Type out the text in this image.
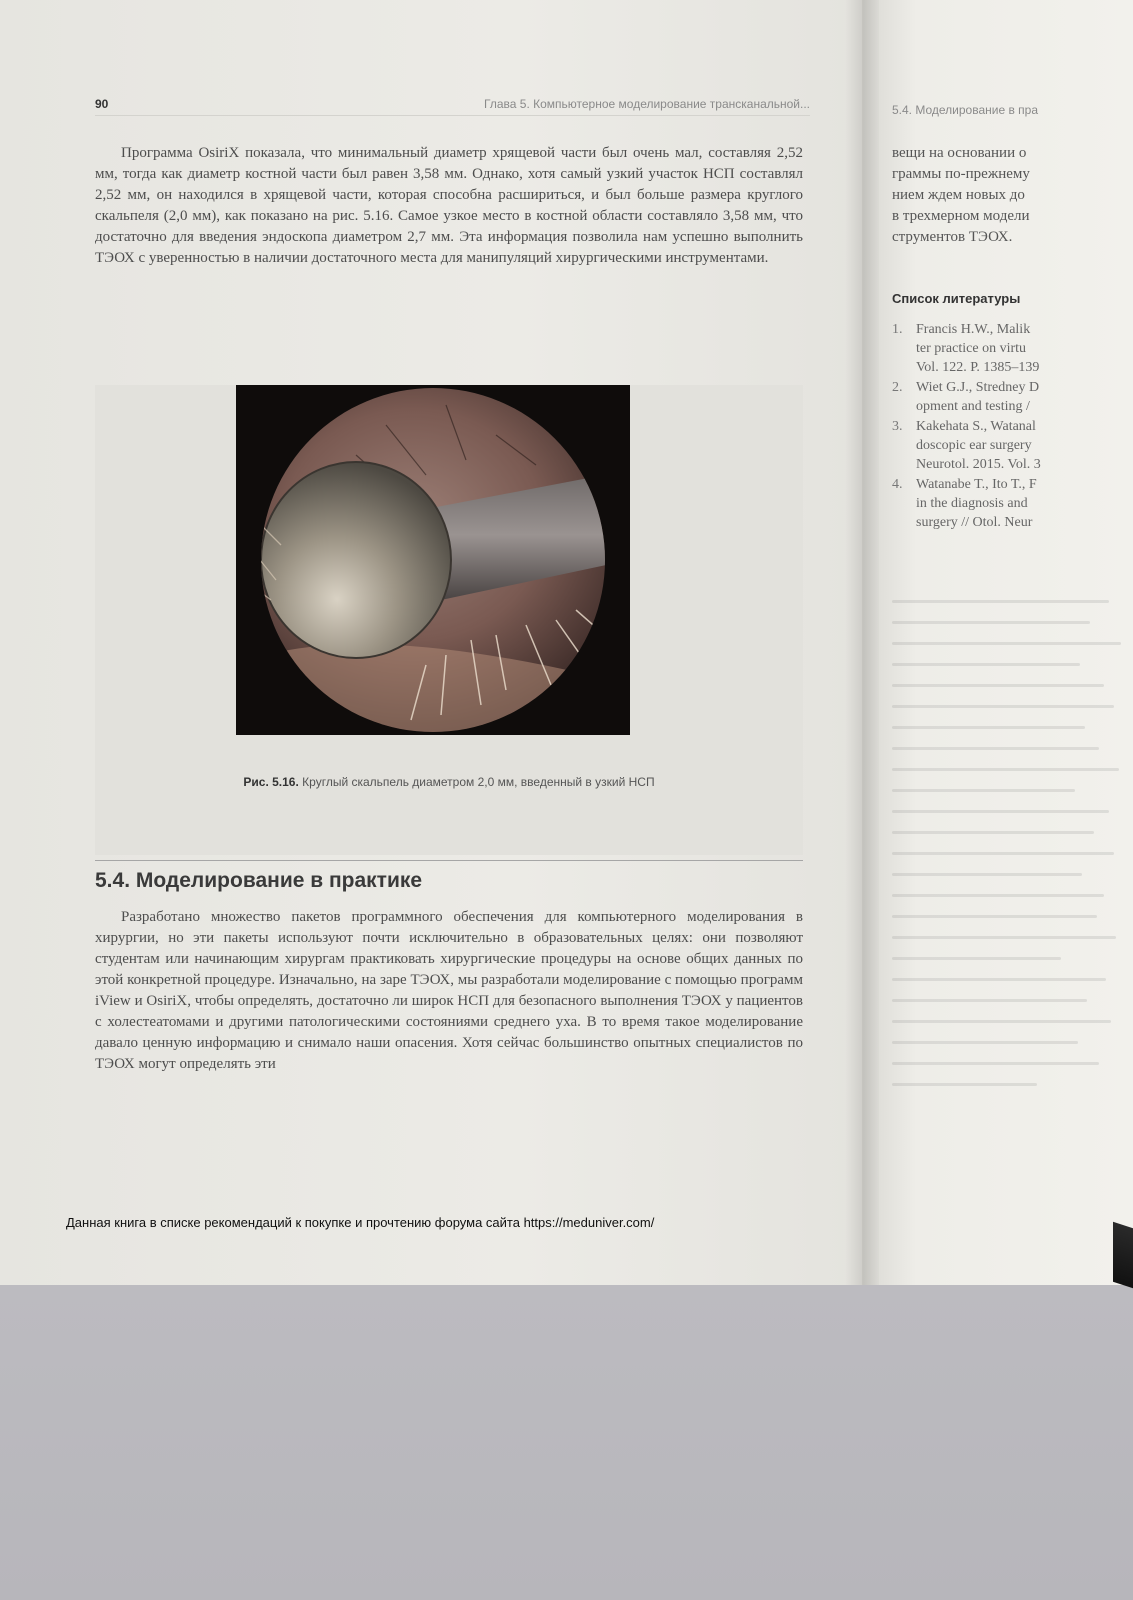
90	Глава 5. Компьютерное моделирование трансканальной...

Программа OsiriX показала, что минимальный диаметр хрящевой части был очень мал, составляя 2,52 мм, тогда как диаметр костной части был равен 3,58 мм. Однако, хотя самый узкий участок НСП составлял 2,52 мм, он находился в хрящевой части, которая способна расшириться, и был больше размера круглого скальпеля (2,0 мм), как показано на рис. 5.16. Самое узкое место в костной области составляло 3,58 мм, что достаточно для введения эндоскопа диаметром 2,7 мм. Эта информация позволила нам успешно выполнить ТЭОХ с уверенностью в наличии достаточного места для манипуляций хирургическими инструментами.

Рис. 5.16. Круглый скальпель диаметром 2,0 мм, введенный в узкий НСП
5.4. Моделирование в практике

Разработано множество пакетов программного обеспечения для компьютерного моделирования в хирургии, но эти пакеты используют почти исключительно в образовательных целях: они позволяют студентам или начинающим хирургам практиковать хирургические процедуры на основе общих данных по этой конкретной процедуре. Изначально, на заре ТЭОХ, мы разработали моделирование с помощью программ iView и OsiriX, чтобы определять, достаточно ли широк НСП для безопасного выполнения ТЭОХ у пациентов с холестеатомами и другими патологическими состояниями среднего уха. В то время такое моделирование давало ценную информацию и снимало наши опасения. Хотя сейчас большинство опытных специалистов по ТЭОХ могут определять эти

Данная книга в списке рекомендаций к покупке и прочтению форума сайта https://meduniver.com/
5.4. Моделирование в пра
вещи на основании о
граммы по-прежнему
нием ждем новых до
в трехмерном модели
струментов ТЭОХ.
Список литературы
1. Francis H.W., Malik
ter practice on virtu
Vol. 122. P. 1385–139
2. Wiet G.J., Stredney D
opment and testing /
3. Kakehata S., Watanal
doscopic ear surgery
Neurotol. 2015. Vol. 3
4. Watanabe T., Ito T., F
in the diagnosis and
surgery // Otol. Neur
